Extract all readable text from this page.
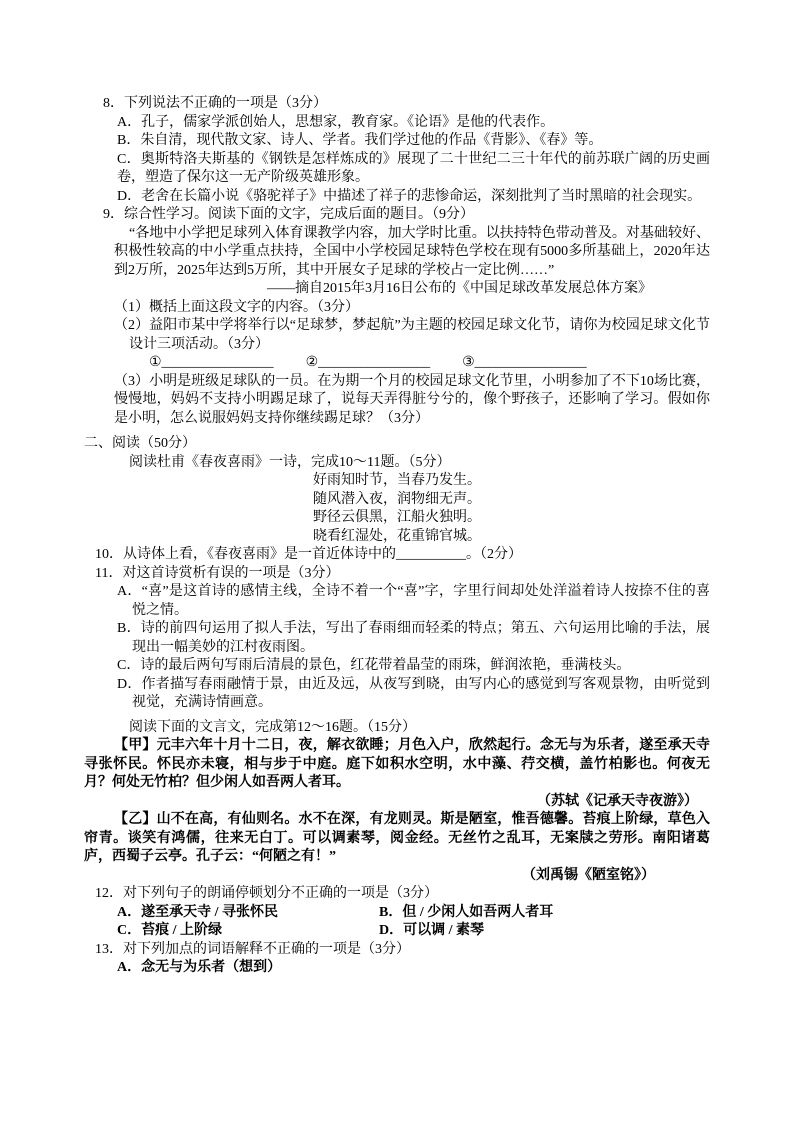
8．下列说法不正确的一项是（3分）

A．孔子，儒家学派创始人，思想家，教育家。《论语》是他的代表作。

B．朱自清，现代散文家、诗人、学者。我们学过他的作品《背影》、《春》等。

C．奥斯特洛夫斯基的《钢铁是怎样炼成的》展现了二十世纪二三十年代的前苏联广阔的历史画卷，塑造了保尔这一无产阶级英雄形象。

D．老舍在长篇小说《骆驼祥子》中描述了祥子的悲惨命运，深刻批判了当时黑暗的社会现实。

9．综合性学习。阅读下面的文字，完成后面的题目。（9分）

“各地中小学把足球列入体育课教学内容，加大学时比重。以扶持特色带动普及。对基础较好、积极性较高的中小学重点扶持，全国中小学校园足球特色学校在现有5000多所基础上，2020年达到2万所，2025年达到5万所，其中开展女子足球的学校占一定比例……”

——摘自2015年3月16日公布的《中国足球改革发展总体方案》

（1）概括上面这段文字的内容。（3分）

（2）益阳市某中学将举行以“足球梦，梦起航”为主题的校园足球文化节，请你为校园足球文化节设计三项活动。（3分）

①________________ ②________________ ③________________

（3）小明是班级足球队的一员。在为期一个月的校园足球文化节里，小明参加了不下10场比赛，慢慢地，妈妈不支持小明踢足球了，说每天弄得脏兮兮的，像个野孩子，还影响了学习。假如你是小明，怎么说服妈妈支持你继续踢足球？（3分）

二、阅读（50分）

阅读杜甫《春夜喜雨》一诗，完成10～11题。（5分）

好雨知时节，当春乃发生。

随风潜入夜，润物细无声。

野径云俱黑，江船火独明。

晓看红湿处，花重锦官城。

10．从诗体上看，《春夜喜雨》是一首近体诗中的__________。（2分）

11．对这首诗赏析有误的一项是（3分）

A．“喜”是这首诗的感情主线，全诗不着一个“喜”字，字里行间却处处洋溢着诗人按捺不住的喜悦之情。

B．诗的前四句运用了拟人手法，写出了春雨细而轻柔的特点；第五、六句运用比喻的手法，展现出一幅美妙的江村夜雨图。

C．诗的最后两句写雨后清晨的景色，红花带着晶莹的雨珠，鲜润浓艳，垂满枝头。

D．作者描写春雨融情于景，由近及远，从夜写到晓，由写内心的感觉到写客观景物，由听觉到视觉，充满诗情画意。

阅读下面的文言文，完成第12～16题。（15分）

【甲】元丰六年十月十二日，夜，解衣欲睡；月色入户，欣然起行。念无与为乐者，遂至承天寺寻张怀民。怀民亦未寝，相与步于中庭。庭下如积水空明，水中藻、荇交横，盖竹柏影也。何夜无月？何处无竹柏？但少闲人如吾两人者耳。

（苏轼《记承天寺夜游》）

【乙】山不在高，有仙则名。水不在深，有龙则灵。斯是陋室，惟吾德馨。苔痕上阶绿，草色入帘青。谈笑有鸿儒，往来无白丁。可以调素琴，阅金经。无丝竹之乱耳，无案牍之劳形。南阳诸葛庐，西蜀子云亭。孔子云：“何陋之有！”

（刘禹锡《陋室铭》）

12．对下列句子的朗诵停顿划分不正确的一项是（3分）

A．遂至承天寺 / 寻张怀民	B．但 / 少闲人如吾两人者耳
C．苔痕 / 上阶绿	D．可以调 / 素琴

13．对下列加点的词语解释不正确的一项是（3分）

A．念无与为乐者（想到）
